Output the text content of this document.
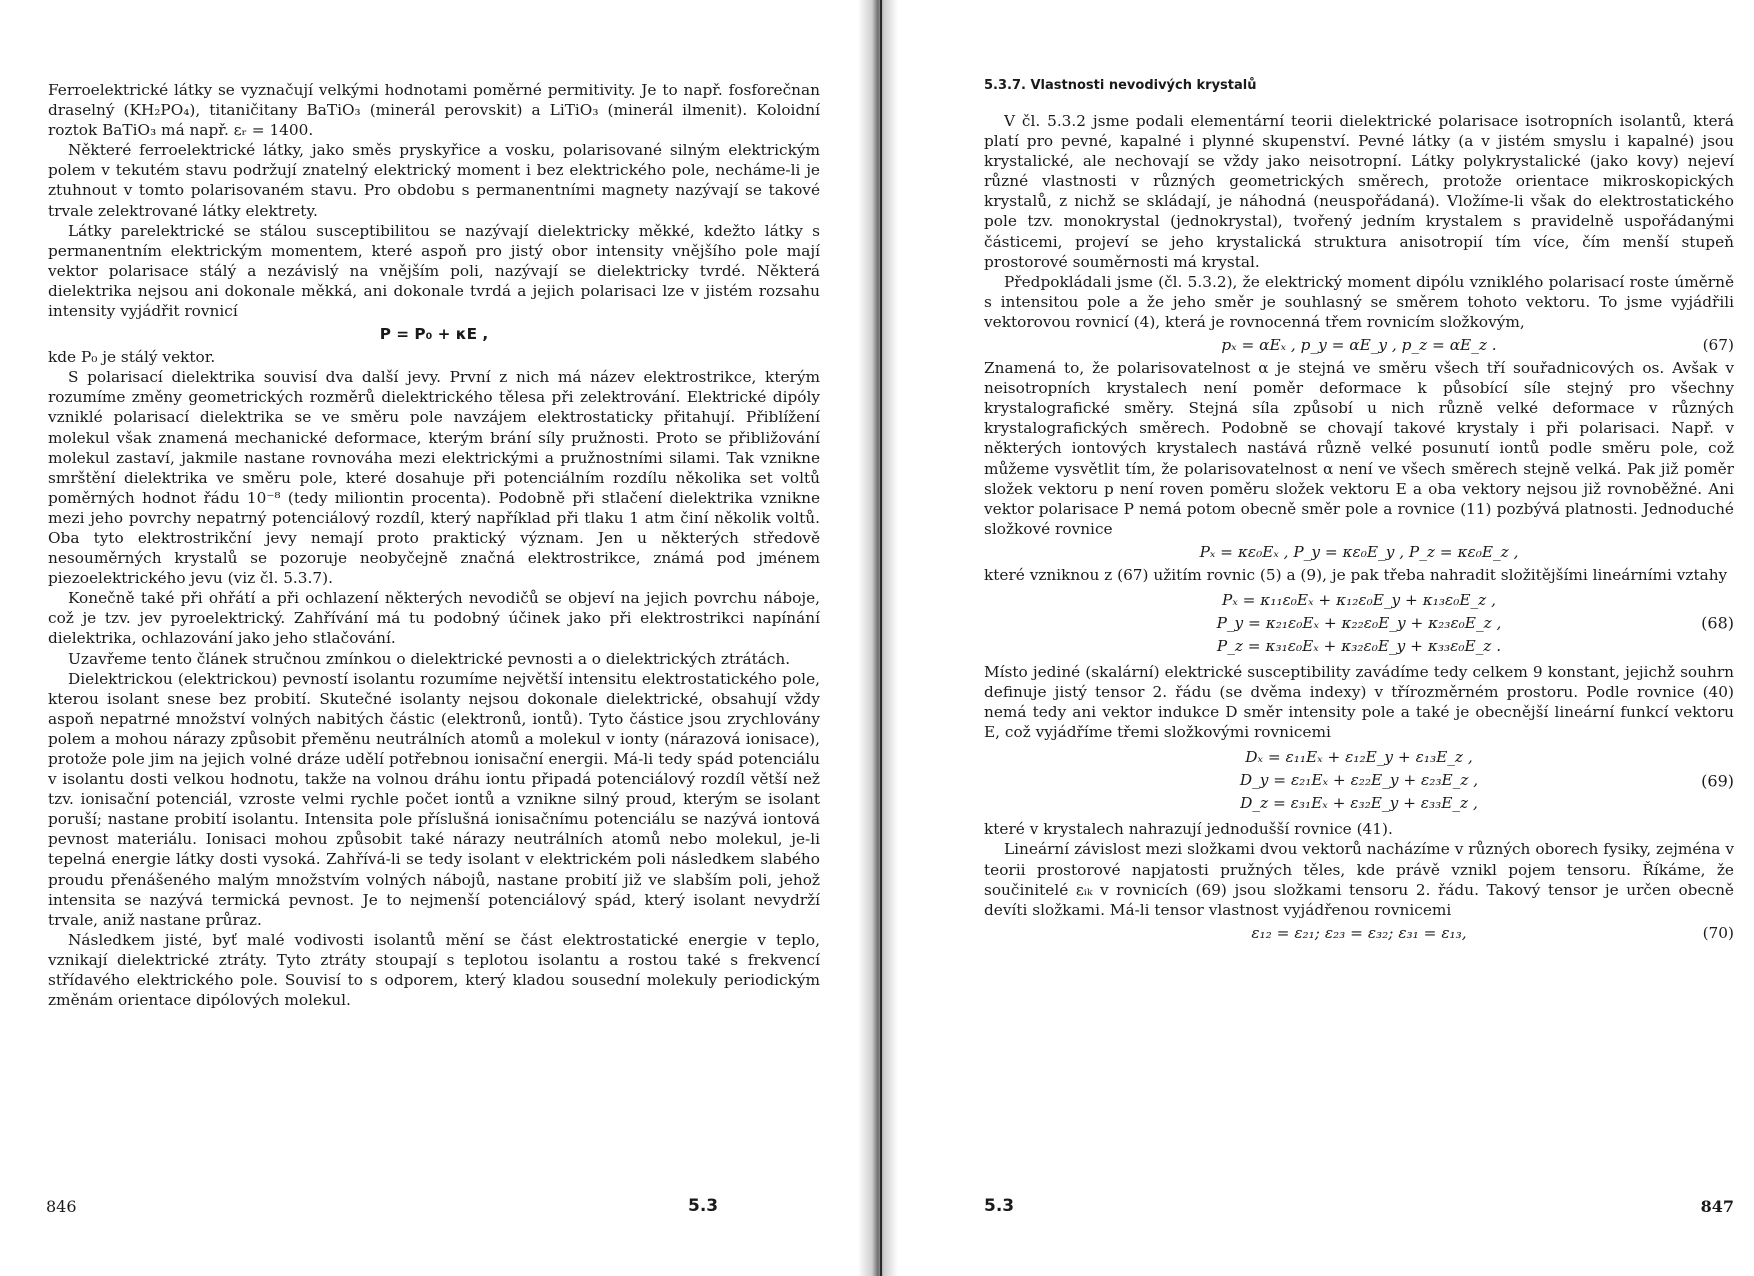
Ferroelektrické látky se vyznačují velkými hodnotami poměrné permitivity. Je to např. fosforečnan draselný (KH₂PO₄), titaničitany BaTiO₃ (minerál perovskit) a LiTiO₃ (minerál ilmenit). Koloidní roztok BaTiO₃ má např. εᵣ = 1400.

Některé ferroelektrické látky, jako směs pryskyřice a vosku, polarisované silným elektrickým polem v tekutém stavu podržují znatelný elektrický moment i bez elektrického pole, necháme-li je ztuhnout v tomto polarisovaném stavu. Pro obdobu s permanentními magnety nazývají se takové trvale zelektrované látky elektrety.

Látky parelektrické se stálou susceptibilitou se nazývají dielektricky měkké, kdežto látky s permanentním elektrickým momentem, které aspoň pro jistý obor intensity vnějšího pole mají vektor polarisace stálý a nezávislý na vnějším poli, nazývají se dielektricky tvrdé. Některá dielektrika nejsou ani dokonale měkká, ani dokonale tvrdá a jejich polarisaci lze v jistém rozsahu intensity vyjádřit rovnicí

P = P₀ + κE ,

kde P₀ je stálý vektor.

S polarisací dielektrika souvisí dva další jevy. První z nich má název elektrostrikce, kterým rozumíme změny geometrických rozměrů dielektrického tělesa při zelektrování. Elektrické dipóly vzniklé polarisací dielektrika se ve směru pole navzájem elektrostaticky přitahují. Přiblížení molekul však znamená mechanické deformace, kterým brání síly pružnosti. Proto se přibližování molekul zastaví, jakmile nastane rovnováha mezi elektrickými a pružnostními silami. Tak vznikne smrštění dielektrika ve směru pole, které dosahuje při potenciálním rozdílu několika set voltů poměrných hodnot řádu 10⁻⁸ (tedy miliontin procenta). Podobně při stlačení dielektrika vznikne mezi jeho povrchy nepatrný potenciálový rozdíl, který například při tlaku 1 atm činí několik voltů. Oba tyto elektrostrikční jevy nemají proto praktický význam. Jen u některých středově nesouměrných krystalů se pozoruje neobyčejně značná elektrostrikce, známá pod jménem piezoelektrického jevu (viz čl. 5.3.7).

Konečně také při ohřátí a při ochlazení některých nevodičů se objeví na jejich povrchu náboje, což je tzv. jev pyroelektrický. Zahřívání má tu podobný účinek jako při elektrostrikci napínání dielektrika, ochlazování jako jeho stlačování.

Uzavřeme tento článek stručnou zmínkou o dielektrické pevnosti a o dielektrických ztrátách.

Dielektrickou (elektrickou) pevností isolantu rozumíme největší intensitu elektrostatického pole, kterou isolant snese bez probití. Skutečné isolanty nejsou dokonale dielektrické, obsahují vždy aspoň nepatrné množství volných nabitých částic (elektronů, iontů). Tyto částice jsou zrychlovány polem a mohou nárazy způsobit přeměnu neutrálních atomů a molekul v ionty (nárazová ionisace), protože pole jim na jejich volné dráze udělí potřebnou ionisační energii. Má-li tedy spád potenciálu v isolantu dosti velkou hodnotu, takže na volnou dráhu iontu připadá potenciálový rozdíl větší než tzv. ionisační potenciál, vzroste velmi rychle počet iontů a vznikne silný proud, kterým se isolant poruší; nastane probití isolantu. Intensita pole příslušná ionisačnímu potenciálu se nazývá iontová pevnost materiálu. Ionisaci mohou způsobit také nárazy neutrálních atomů nebo molekul, je-li tepelná energie látky dosti vysoká. Zahřívá-li se tedy isolant v elektrickém poli následkem slabého proudu přenášeného malým množstvím volných nábojů, nastane probití již ve slabším poli, jehož intensita se nazývá termická pevnost. Je to nejmenší potenciálový spád, který isolant nevydrží trvale, aniž nastane průraz.

Následkem jisté, byť malé vodivosti isolantů mění se část elektrostatické energie v teplo, vznikají dielektrické ztráty. Tyto ztráty stoupají s teplotou isolantu a rostou také s frekvencí střídavého elektrického pole. Souvisí to s odporem, který kladou sousední molekuly periodickým změnám orientace dipólových molekul.

846	5.3
5.3.7. Vlastnosti nevodivých krystalů

V čl. 5.3.2 jsme podali elementární teorii dielektrické polarisace isotropních isolantů, která platí pro pevné, kapalné i plynné skupenství. Pevné látky (a v jistém smyslu i kapalné) jsou krystalické, ale nechovají se vždy jako neisotropní. Látky polykrystalické (jako kovy) nejeví různé vlastnosti v různých geometrických směrech, protože orientace mikroskopických krystalů, z nichž se skládají, je náhodná (neuspořádaná). Vložíme-li však do elektrostatického pole tzv. monokrystal (jednokrystal), tvořený jedním krystalem s pravidelně uspořádanými částicemi, projeví se jeho krystalická struktura anisotropií tím více, čím menší stupeň prostorové souměrnosti má krystal.

Předpokládali jsme (čl. 5.3.2), že elektrický moment dipólu vzniklého polarisací roste úměrně s intensitou pole a že jeho směr je souhlasný se směrem tohoto vektoru. To jsme vyjádřili vektorovou rovnicí (4), která je rovnocenná třem rovnicím složkovým,

pₓ = αEₓ , p_y = αE_y , p_z = αE_z .	(67)

Znamená to, že polarisovatelnost α je stejná ve směru všech tří souřadnicových os. Avšak v neisotropních krystalech není poměr deformace k působící síle stejný pro všechny krystalografické směry. Stejná síla způsobí u nich různě velké deformace v různých krystalografických směrech. Podobně se chovají takové krystaly i při polarisaci. Např. v některých iontových krystalech nastává různě velké posunutí iontů podle směru pole, což můžeme vysvětlit tím, že polarisovatelnost α není ve všech směrech stejně velká. Pak již poměr složek vektoru p není roven poměru složek vektoru E a oba vektory nejsou již rovnoběžné. Ani vektor polarisace P nemá potom obecně směr pole a rovnice (11) pozbývá platnosti. Jednoduché složkové rovnice

Pₓ = κε₀Eₓ , P_y = κε₀E_y , P_z = κε₀E_z ,

které vzniknou z (67) užitím rovnic (5) a (9), je pak třeba nahradit složitějšími lineárními vztahy

Pₓ = κ₁₁ε₀Eₓ + κ₁₂ε₀E_y + κ₁₃ε₀E_z ,
P_y = κ₂₁ε₀Eₓ + κ₂₂ε₀E_y + κ₂₃ε₀E_z ,
P_z = κ₃₁ε₀Eₓ + κ₃₂ε₀E_y + κ₃₃ε₀E_z .
(68)

Místo jediné (skalární) elektrické susceptibility zavádíme tedy celkem 9 konstant, jejichž souhrn definuje jistý tensor 2. řádu (se dvěma indexy) v třírozměrném prostoru. Podle rovnice (40) nemá tedy ani vektor indukce D směr intensity pole a také je obecnější lineární funkcí vektoru E, což vyjádříme třemi složkovými rovnicemi

Dₓ = ε₁₁Eₓ + ε₁₂E_y + ε₁₃E_z ,
D_y = ε₂₁Eₓ + ε₂₂E_y + ε₂₃E_z ,
D_z = ε₃₁Eₓ + ε₃₂E_y + ε₃₃E_z ,
(69)

které v krystalech nahrazují jednodušší rovnice (41).

Lineární závislost mezi složkami dvou vektorů nacházíme v různých oborech fysiky, zejména v teorii prostorové napjatosti pružných těles, kde právě vznikl pojem tensoru. Říkáme, že součinitelé εᵢₖ v rovnicích (69) jsou složkami tensoru 2. řádu. Takový tensor je určen obecně devíti složkami. Má-li tensor vlastnost vyjádřenou rovnicemi

ε₁₂ = ε₂₁; ε₂₃ = ε₃₂; ε₃₁ = ε₁₃,	(70)
5.3	847
